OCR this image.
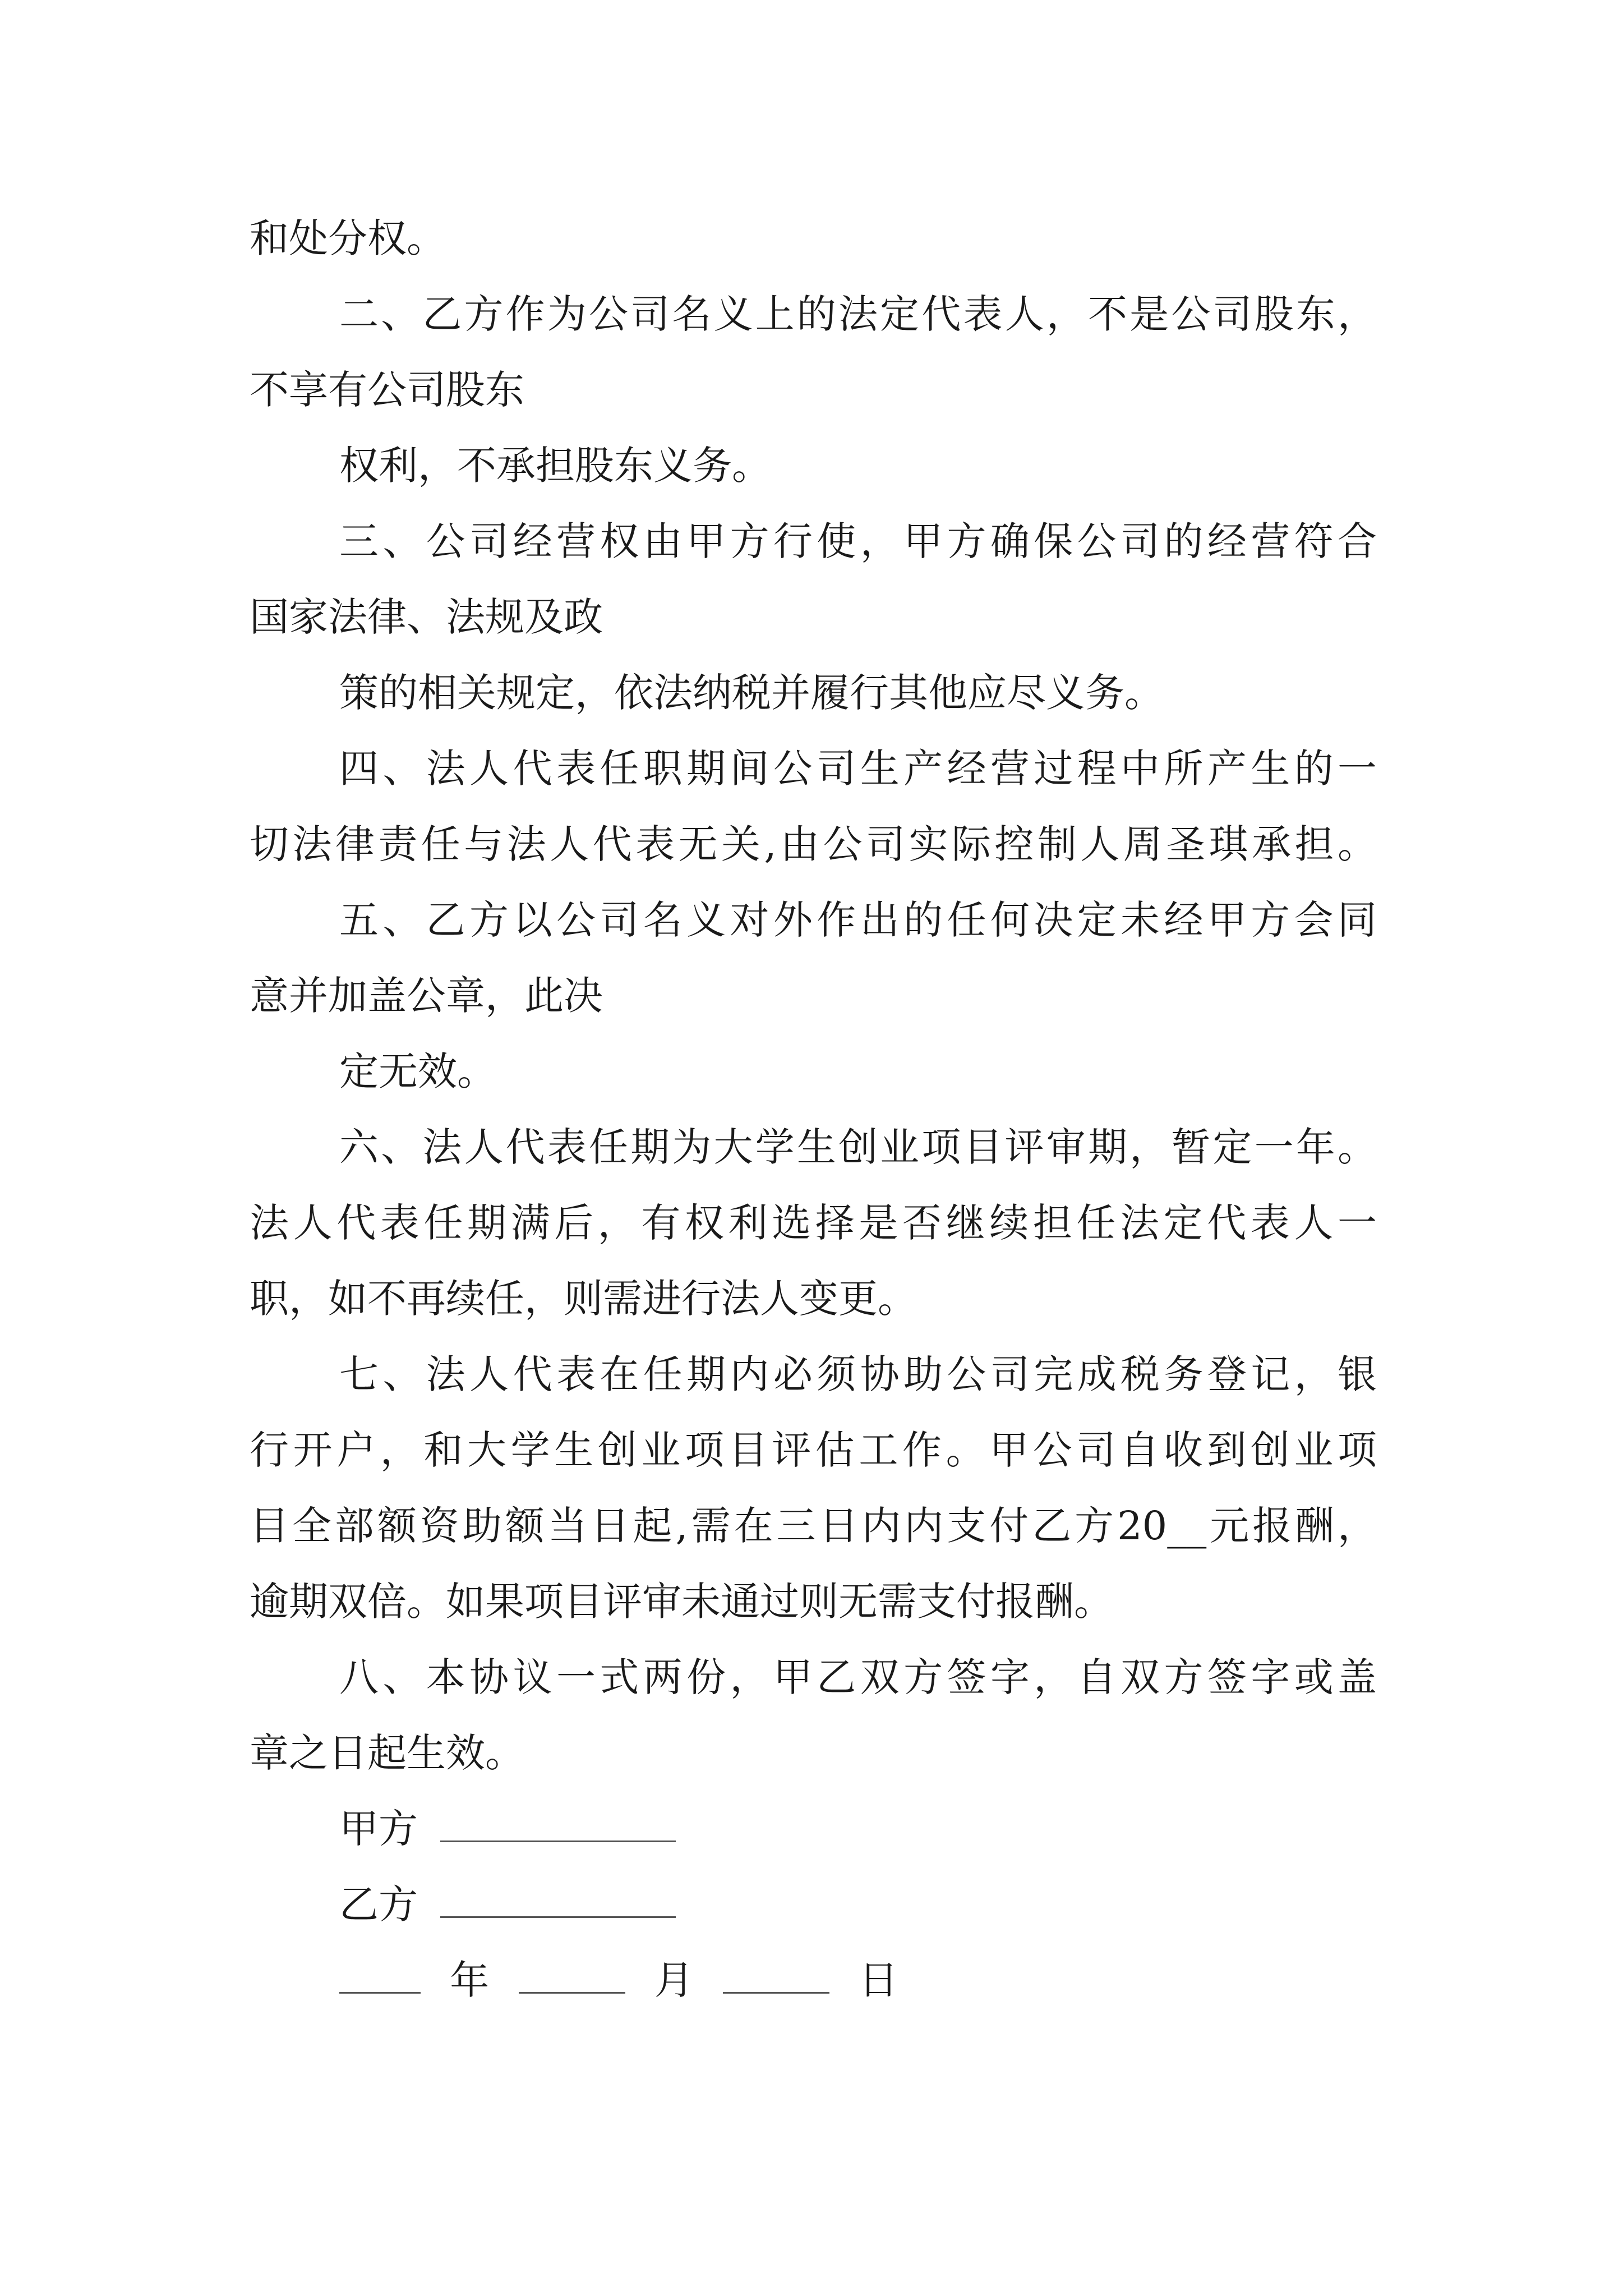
和处分权。
二、乙方作为公司名义上的法定代表人，不是公司股东，
不享有公司股东
权利，不承担股东义务。
三、公司经营权由甲方行使，甲方确保公司的经营符合
国家法律、法规及政
策的相关规定，依法纳税并履行其他应尽义务。
四、法人代表任职期间公司生产经营过程中所产生的一
切法律责任与法人代表无关,由公司实际控制人周圣琪承担。
五、乙方以公司名义对外作出的任何决定未经甲方会同
意并加盖公章，此决
定无效。
六、法人代表任期为大学生创业项目评审期，暂定一年。
法人代表任期满后，有权利选择是否继续担任法定代表人一
职，如不再续任，则需进行法人变更。
七、法人代表在任期内必须协助公司完成税务登记，银
行开户，和大学生创业项目评估工作。甲公司自收到创业项
目全部额资助额当日起,需在三日内内支付乙方20__元报酬，
逾期双倍。如果项目评审未通过则无需支付报酬。
八、本协议一式两份，甲乙双方签字，自双方签字或盖
章之日起生效。
甲方
乙方
年	月	日
